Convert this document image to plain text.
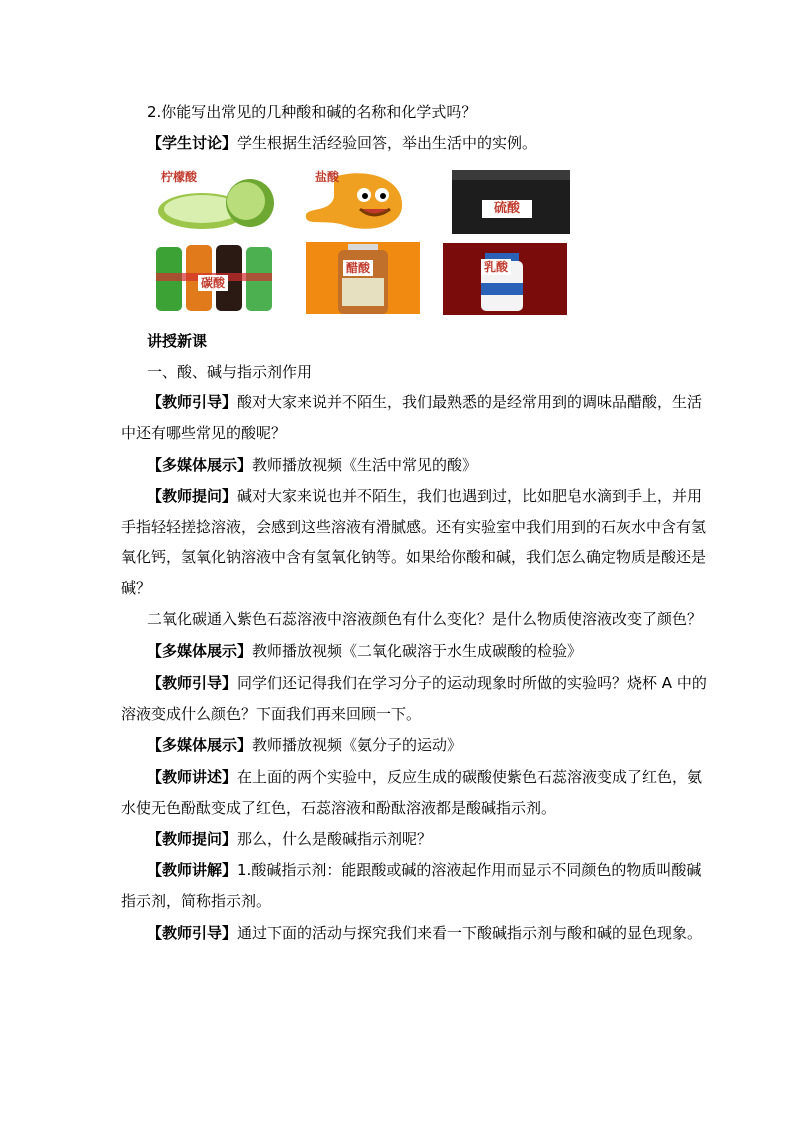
2.你能写出常见的几种酸和碱的名称和化学式吗？
【学生讨论】学生根据生活经验回答，举出生活中的实例。
柠檬酸	盐酸
硫酸
碳酸
醋酸	乳酸
讲授新课
一、酸、碱与指示剂作用
【教师引导】酸对大家来说并不陌生，我们最熟悉的是经常用到的调味品醋酸，生活
中还有哪些常见的酸呢？
【多媒体展示】教师播放视频《生活中常见的酸》
【教师提问】碱对大家来说也并不陌生，我们也遇到过，比如肥皂水滴到手上，并用
手指轻轻搓捻溶液，会感到这些溶液有滑腻感。还有实验室中我们用到的石灰水中含有氢
氧化钙，氢氧化钠溶液中含有氢氧化钠等。如果给你酸和碱，我们怎么确定物质是酸还是
碱？
二氧化碳通入紫色石蕊溶液中溶液颜色有什么变化？是什么物质使溶液改变了颜色？
【多媒体展示】教师播放视频《二氧化碳溶于水生成碳酸的检验》
【教师引导】同学们还记得我们在学习分子的运动现象时所做的实验吗？烧杯 A 中的
溶液变成什么颜色？下面我们再来回顾一下。
【多媒体展示】教师播放视频《氨分子的运动》
【教师讲述】在上面的两个实验中，反应生成的碳酸使紫色石蕊溶液变成了红色，氨
水使无色酚酞变成了红色，石蕊溶液和酚酞溶液都是酸碱指示剂。
【教师提问】那么，什么是酸碱指示剂呢？
【教师讲解】1.酸碱指示剂：能跟酸或碱的溶液起作用而显示不同颜色的物质叫酸碱
指示剂，简称指示剂。
【教师引导】通过下面的活动与探究我们来看一下酸碱指示剂与酸和碱的显色现象。
